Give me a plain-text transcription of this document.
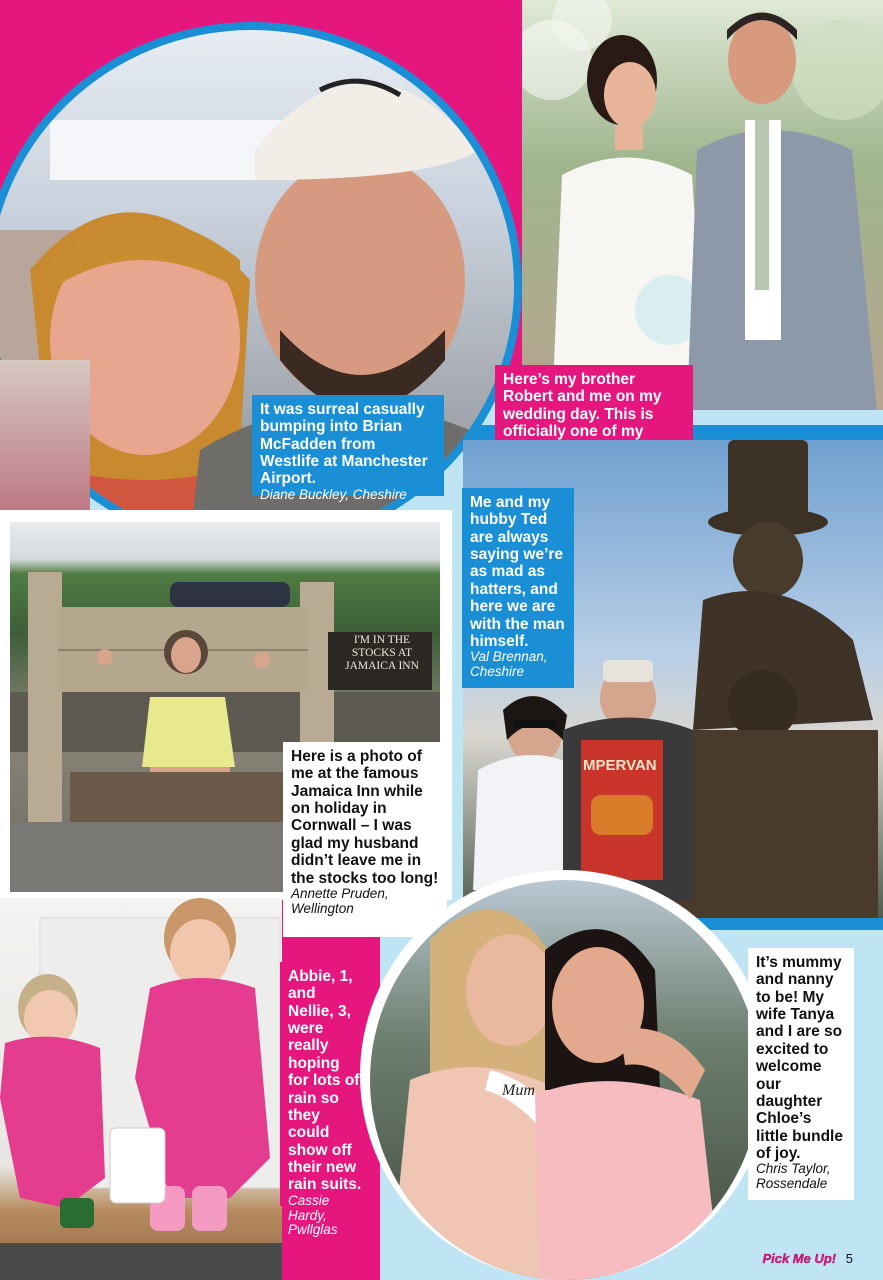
It was surreal casually bumping into Brian McFadden from Westlife at Manchester Airport.
Diane Buckley, Cheshire
Here’s my brother Robert and me on my wedding day. This is officially one of my
MPERVAN
Me and my hubby Ted are always saying we’re as mad as hatters, and here we are with the man himself.
Val Brennan, Cheshire
I'M IN THE STOCKS AT JAMAICA INN
Here is a photo of me at the famous Jamaica Inn while on holiday in Cornwall – I was glad my husband didn’t leave me in the stocks too long!
Annette Pruden, Wellington
Abbie, 1, and Nellie, 3, were really hoping for lots of rain so they could show off their new rain suits.
Cassie Hardy, Pwllglas
Mum
It’s mummy and nanny to be! My wife Tanya and I are so excited to welcome our daughter Chloe’s little bundle of joy.
Chris Taylor, Rossendale
Pick Me Up! 5
